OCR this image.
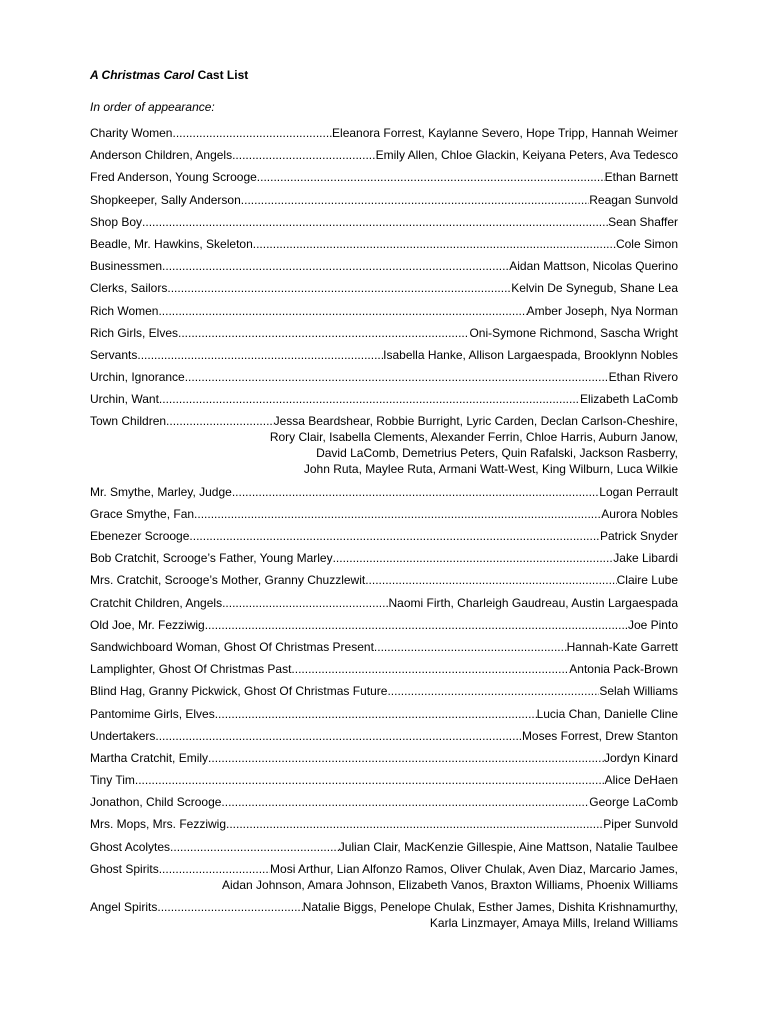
A Christmas Carol Cast List
In order of appearance:
Charity Women .....	Eleanora Forrest, Kaylanne Severo, Hope Tripp, Hannah Weimer
Anderson Children, Angels .....	Emily Allen, Chloe Glackin, Keiyana Peters, Ava Tedesco
Fred Anderson, Young Scrooge .....	Ethan Barnett
Shopkeeper, Sally Anderson .....	Reagan Sunvold
Shop Boy .....	Sean Shaffer
Beadle, Mr. Hawkins, Skeleton .....	Cole Simon
Businessmen .....	Aidan Mattson, Nicolas Querino
Clerks, Sailors .....	Kelvin De Synegub, Shane Lea
Rich Women .....	Amber Joseph, Nya Norman
Rich Girls, Elves .....	Oni-Symone Richmond, Sascha Wright
Servants .....	Isabella Hanke, Allison Largaespada, Brooklynn Nobles
Urchin, Ignorance .....	Ethan Rivero
Urchin, Want .....	Elizabeth LaComb
Town Children .....	Jessa Beardshear, Robbie Burright, Lyric Carden, Declan Carlson-Cheshire,
Rory Clair, Isabella Clements, Alexander Ferrin, Chloe Harris, Auburn Janow,
David LaComb, Demetrius Peters, Quin Rafalski, Jackson Rasberry,
John Ruta, Maylee Ruta, Armani Watt-West, King Wilburn, Luca Wilkie
Mr. Smythe, Marley, Judge .....	Logan Perrault
Grace Smythe, Fan .....	Aurora Nobles
Ebenezer Scrooge .....	Patrick Snyder
Bob Cratchit, Scrooge’s Father, Young Marley .....	Jake Libardi
Mrs. Cratchit, Scrooge’s Mother, Granny Chuzzlewit .....	Claire Lube
Cratchit Children, Angels .....	Naomi Firth, Charleigh Gaudreau, Austin Largaespada
Old Joe, Mr. Fezziwig .....	Joe Pinto
Sandwichboard Woman, Ghost Of Christmas Present .....	Hannah-Kate Garrett
Lamplighter, Ghost Of Christmas Past .....	Antonia Pack-Brown
Blind Hag, Granny Pickwick, Ghost Of Christmas Future .....	Selah Williams
Pantomime Girls, Elves .....	Lucia Chan, Danielle Cline
Undertakers .....	Moses Forrest, Drew Stanton
Martha Cratchit, Emily .....	Jordyn Kinard
Tiny Tim .....	Alice DeHaen
Jonathon, Child Scrooge .....	George LaComb
Mrs. Mops, Mrs. Fezziwig .....	Piper Sunvold
Ghost Acolytes .....	Julian Clair, MacKenzie Gillespie, Aine Mattson, Natalie Taulbee
Ghost Spirits .....	Mosi Arthur, Lian Alfonzo Ramos, Oliver Chulak, Aven Diaz, Marcario James,
Aidan Johnson, Amara Johnson, Elizabeth Vanos, Braxton Williams, Phoenix Williams
Angel Spirits .....	Natalie Biggs, Penelope Chulak, Esther James, Dishita Krishnamurthy,
Karla Linzmayer, Amaya Mills, Ireland Williams
